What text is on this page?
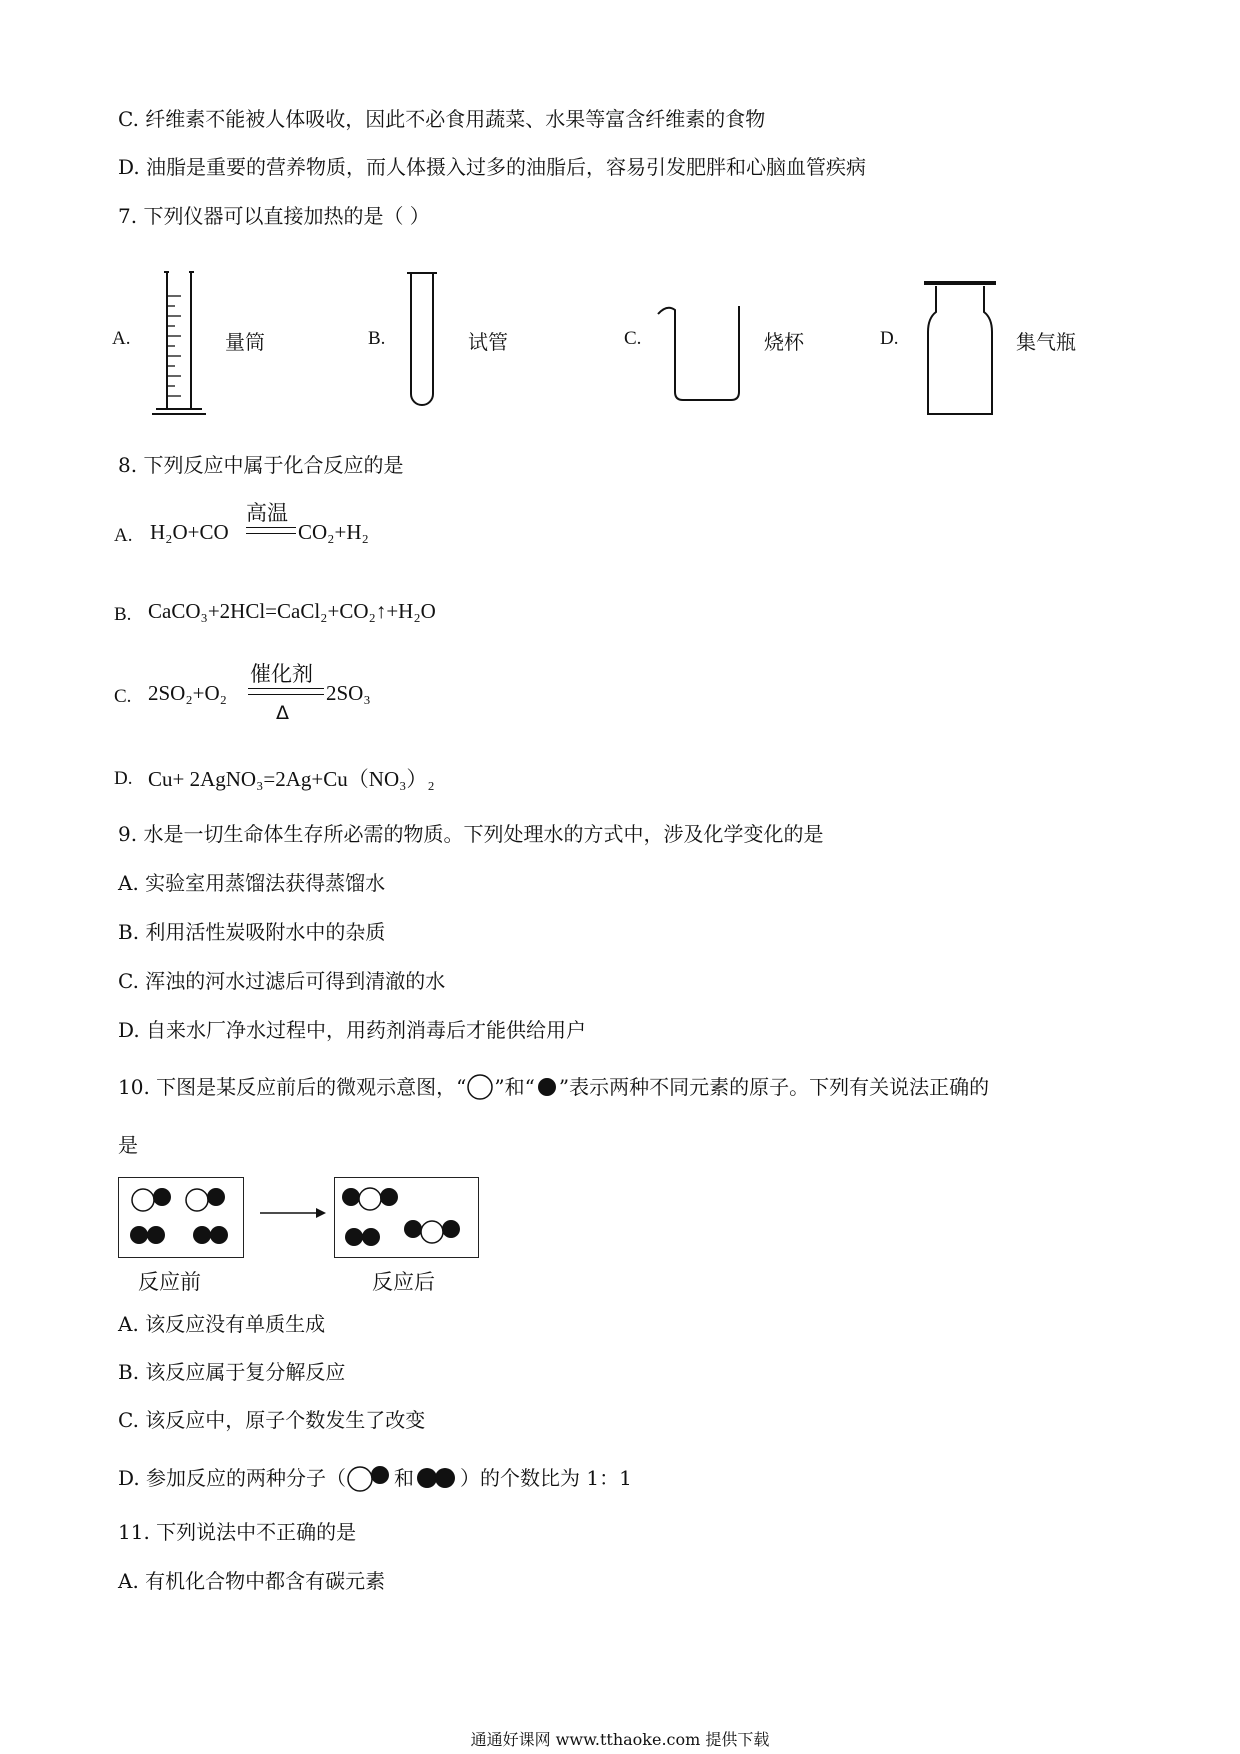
C. 纤维素不能被人体吸收，因此不必食用蔬菜、水果等富含纤维素的食物
D. 油脂是重要的营养物质，而人体摄入过多的油脂后，容易引发肥胖和心脑血管疾病
7. 下列仪器可以直接加热的是（ ）
A.	量筒	B.	试管	C.	烧杯	D.	集气瓶
8. 下列反应中属于化合反应的是
A. H₂O+CO
高温
CO₂+H₂
B. CaCO₃+2HCl=CaCl₂+CO₂↑+H₂O
C. 2SO₂+O₂
催化剂
Δ
2SO₃
D. Cu+ 2AgNO₃=2Ag+Cu（NO₃）₂
9. 水是一切生命体生存所必需的物质。下列处理水的方式中，涉及化学变化的是
A. 实验室用蒸馏法获得蒸馏水
B. 利用活性炭吸附水中的杂质
C. 浑浊的河水过滤后可得到清澈的水
D. 自来水厂净水过程中，用药剂消毒后才能供给用户
10. 下图是某反应前后的微观示意图，“ ”和“ ”表示两种不同元素的原子。下列有关说法正确的
是
反应前	反应后
A. 该反应没有单质生成
B. 该反应属于复分解反应
C. 该反应中，原子个数发生了改变
D. 参加反应的两种分子（ 和 ）的个数比为 1：1
11. 下列说法中不正确的是
A. 有机化合物中都含有碳元素
通通好课网 www.tthaoke.com 提供下载
